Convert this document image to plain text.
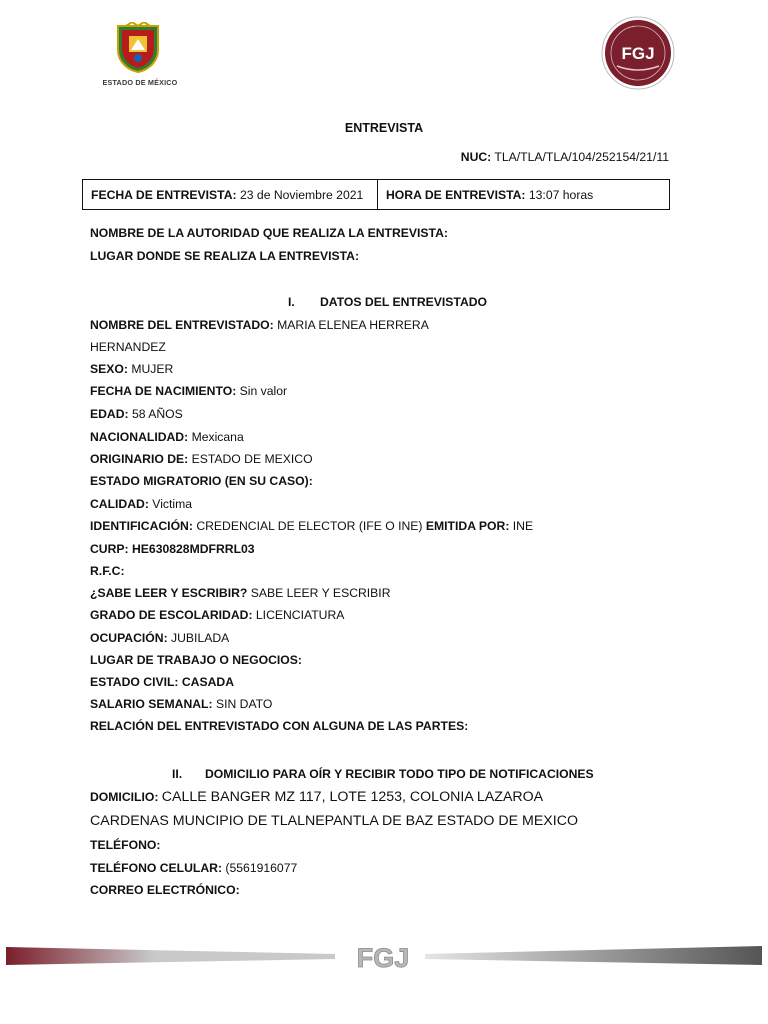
ESTADO DE MÉXICO
FGJ
ENTREVISTA
NUC: TLA/TLA/TLA/104/252154/21/11
FECHA DE ENTREVISTA:
23 de Noviembre 2021 HORA DE ENTREVISTA:
13:07 horas
NOMBRE DE LA AUTORIDAD QUE REALIZA LA ENTREVISTA:
LUGAR DONDE SE REALIZA LA ENTREVISTA:
I. DATOS DEL ENTREVISTADO
NOMBRE DEL ENTREVISTADO: MARIA ELENEA HERRERA
HERNANDEZ
SEXO: MUJER
FECHA DE NACIMIENTO: Sin valor
EDAD: 58 AÑOS
NACIONALIDAD: Mexicana
ORIGINARIO DE: ESTADO DE MEXICO
ESTADO MIGRATORIO (EN SU CASO):
CALIDAD: Victima
IDENTIFICACIÓN: CREDENCIAL DE ELECTOR (IFE O INE) EMITIDA POR: INE
CURP: HE630828MDFRRL03
R.F.C:
¿SABE LEER Y ESCRIBIR? SABE LEER Y ESCRIBIR
GRADO DE ESCOLARIDAD: LICENCIATURA
OCUPACIÓN: JUBILADA
LUGAR DE TRABAJO O NEGOCIOS:
ESTADO CIVIL: CASADA
SALARIO SEMANAL: SIN DATO
RELACIÓN DEL ENTREVISTADO CON ALGUNA DE LAS PARTES:
II. DOMICILIO PARA OÍR Y RECIBIR TODO TIPO DE NOTIFICACIONES
DOMICILIO: CALLE BANGER MZ 117, LOTE 1253, COLONIA LAZAROA
CARDENAS MUNCIPIO DE TLALNEPANTLA DE BAZ ESTADO DE MEXICO
TELÉFONO:
TELÉFONO CELULAR: (5561916077
CORREO ELECTRÓNICO:
FGJ
